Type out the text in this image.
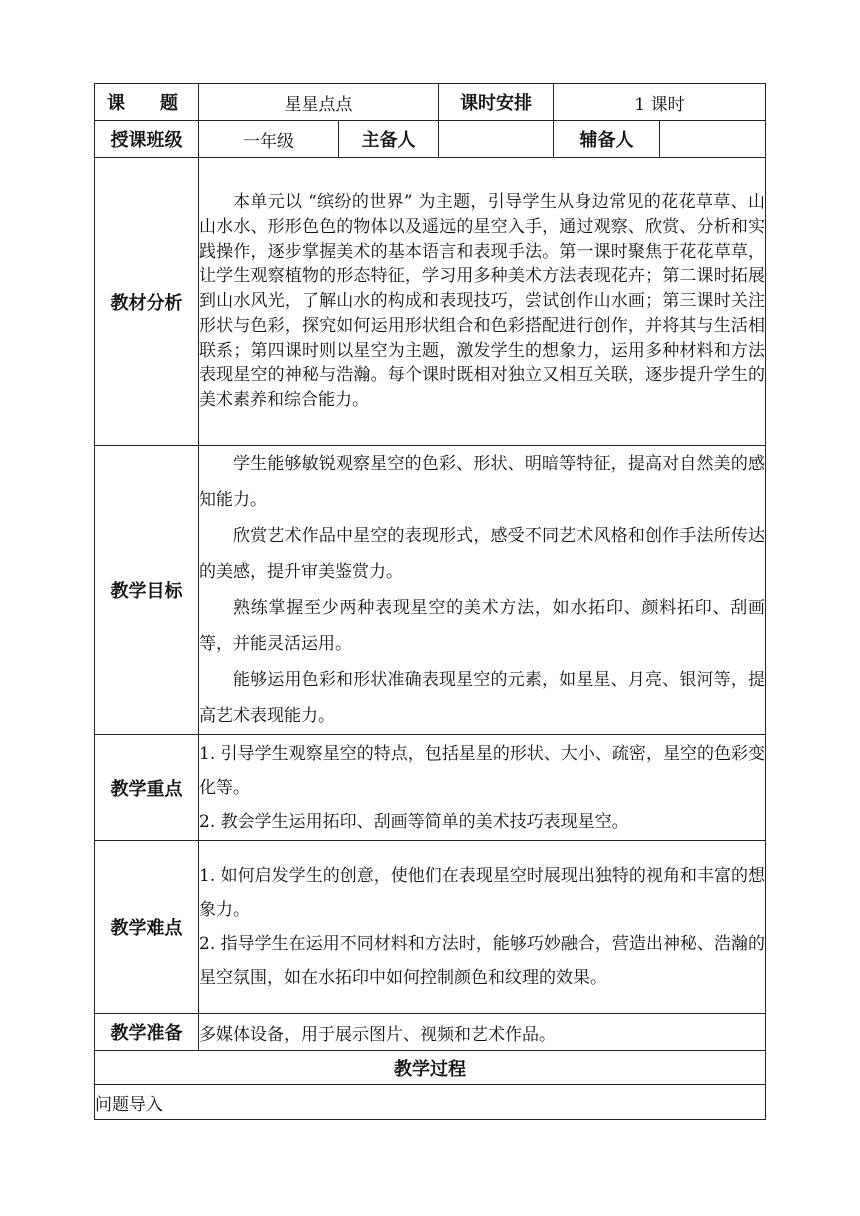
课 题	星星点点		课时安排	1 课时	
授课班级	一年级	主备人		辅备人	
教材分析	本单元以 “缤纷的世界” 为主题，引导学生从身边常见的花花草草、山山水水、形形色色的物体以及遥远的星空入手，通过观察、欣赏、分析和实践操作，逐步掌握美术的基本语言和表现手法。第一课时聚焦于花花草草，让学生观察植物的形态特征，学习用多种美术方法表现花卉；第二课时拓展到山水风光，了解山水的构成和表现技巧，尝试创作山水画；第三课时关注形状与色彩，探究如何运用形状组合和色彩搭配进行创作，并将其与生活相联系；第四课时则以星空为主题，激发学生的想象力，运用多种材料和方法表现星空的神秘与浩瀚。每个课时既相对独立又相互关联，逐步提升学生的美术素养和综合能力。				

教学目标	学生能够敏锐观察星空的色彩、形状、明暗等特征，提高对自然美的感知能力。

欣赏艺术作品中星空的表现形式，感受不同艺术风格和创作手法所传达的美感，提升审美鉴赏力。

熟练掌握至少两种表现星空的美术方法，如水拓印、颜料拓印、刮画等，并能灵活运用。

能够运用色彩和形状准确表现星空的元素，如星星、月亮、银河等，提高艺术表现能力。				

教学重点	1. 引导学生观察星空的特点，包括星星的形状、大小、疏密，星空的色彩变化等。

2. 教会学生运用拓印、刮画等简单的美术技巧表现星空。				

教学难点	1. 如何启发学生的创意，使他们在表现星空时展现出独特的视角和丰富的想象力。

2. 指导学生在运用不同材料和方法时，能够巧妙融合，营造出神秘、浩瀚的星空氛围，如在水拓印中如何控制颜色和纹理的效果。				

教学准备	多媒体设备，用于展示图片、视频和艺术作品。				
教学过程					
问题导入					
